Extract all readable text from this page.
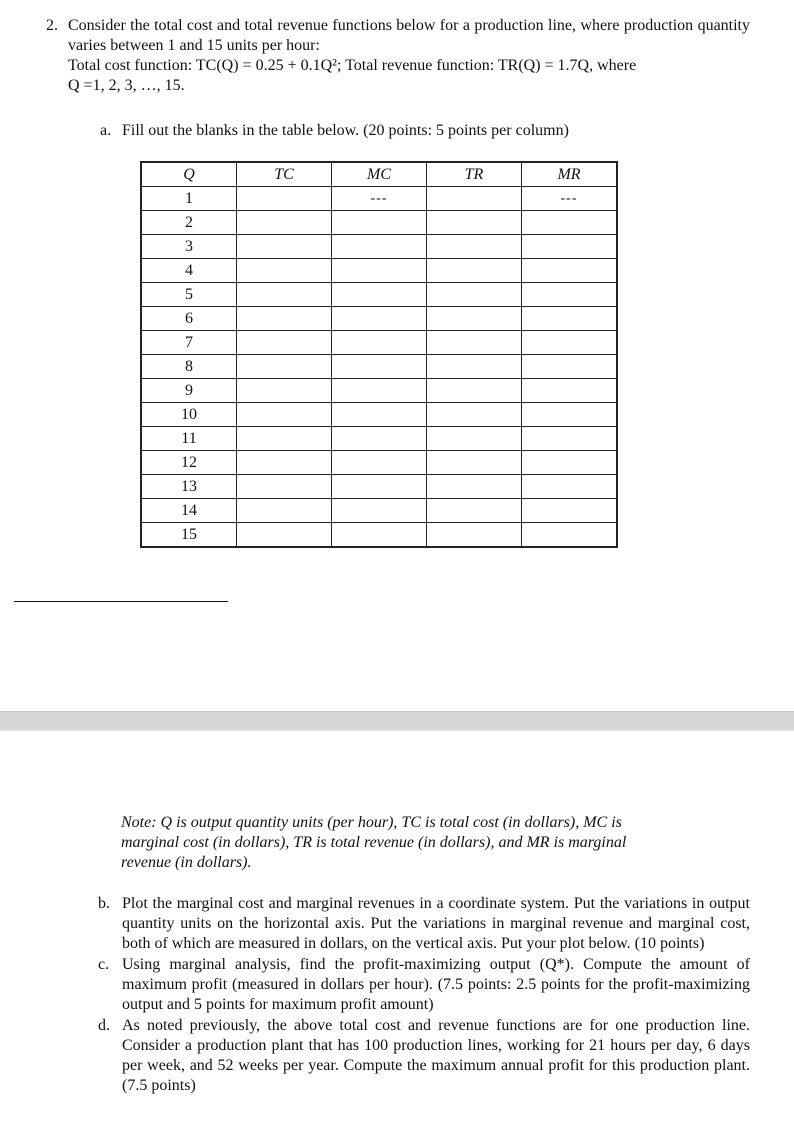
2. Consider the total cost and total revenue functions below for a production line, where production quantity varies between 1 and 15 units per hour:

Total cost function: TC(Q) = 0.25 + 0.1Q²; Total revenue function: TR(Q) = 1.7Q, where

Q =1, 2, 3, …, 15.

a. Fill out the blanks in the table below. (20 points: 5 points per column)
Q	TC	MC	TR	MR
1		---		---
2				
3				
4				
5				
6				
7				
8				
9				
10				
11				
12				
13				
14				
15				
Note: Q is output quantity units (per hour), TC is total cost (in dollars), MC is marginal cost (in dollars), TR is total revenue (in dollars), and MR is marginal revenue (in dollars).
b. Plot the marginal cost and marginal revenues in a coordinate system. Put the variations in output quantity units on the horizontal axis. Put the variations in marginal revenue and marginal cost, both of which are measured in dollars, on the vertical axis. Put your plot below. (10 points)
c. Using marginal analysis, find the profit-maximizing output (Q*). Compute the amount of maximum profit (measured in dollars per hour). (7.5 points: 2.5 points for the profit-maximizing output and 5 points for maximum profit amount)
d. As noted previously, the above total cost and revenue functions are for one production line. Consider a production plant that has 100 production lines, working for 21 hours per day, 6 days per week, and 52 weeks per year. Compute the maximum annual profit for this production plant. (7.5 points)
